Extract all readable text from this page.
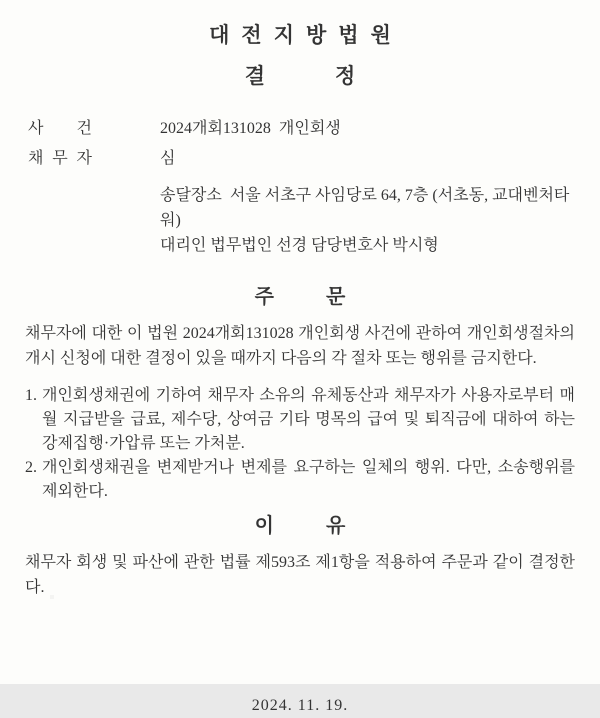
대전지방법원
결정
사 건	2024개회131028  개인회생
채 무 자	심
송달장소  서울 서초구 사임당로 64, 7층 (서초동, 교대벤처타워)
대리인 법무법인 선경 담당변호사 박시형
주문

채무자에 대한 이 법원 2024개회131028 개인회생 사건에 관하여 개인회생절차의 개시 신청에 대한 결정이 있을 때까지 다음의 각 절차 또는 행위를 금지한다.

1. 개인회생채권에 기하여 채무자 소유의 유체동산과 채무자가 사용자로부터 매월 지급받을 급료, 제수당, 상여금 기타 명목의 급여 및 퇴직금에 대하여 하는 강제집행·가압류 또는 가처분.
2. 개인회생채권을 변제받거나 변제를 요구하는 일체의 행위. 다만, 소송행위를 제외한다.
이유

채무자 회생 및 파산에 관한 법률 제593조 제1항을 적용하여 주문과 같이 결정한다.

2024. 11. 19.
